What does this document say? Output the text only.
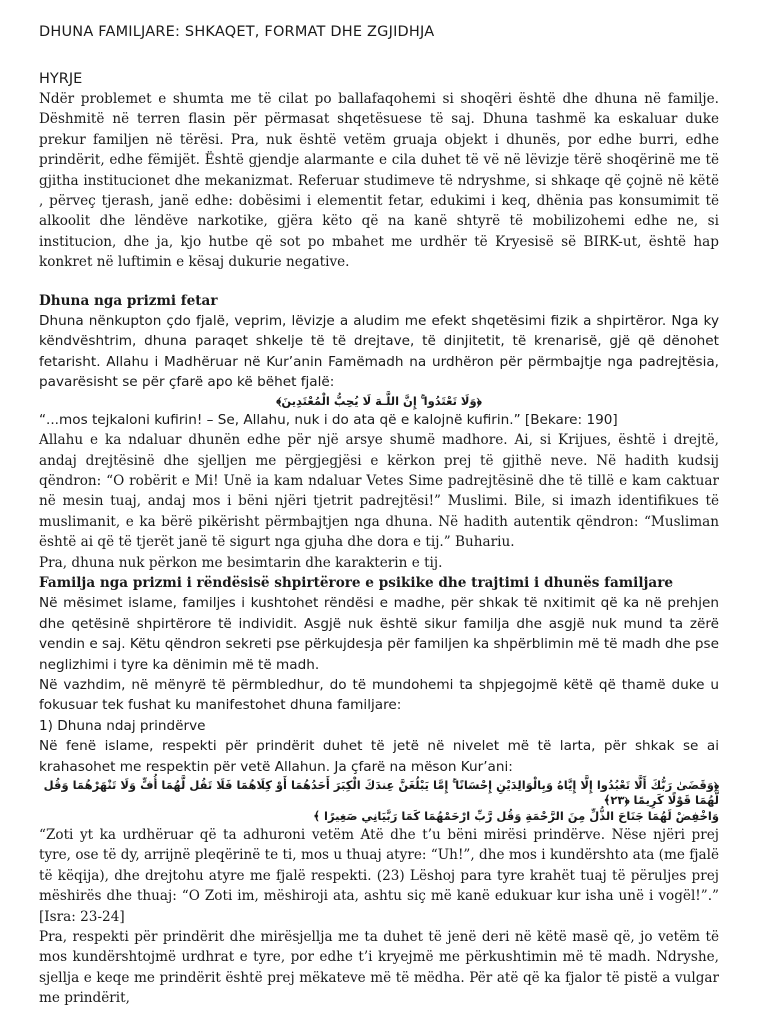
DHUNA FAMILJARE: SHKAQET, FORMAT DHE ZGJIDHJA
HYRJE

Ndër problemet e shumta me të cilat po ballafaqohemi si shoqëri është dhe dhuna në familje. Dëshmitë në terren flasin për përmasat shqetësuese të saj. Dhuna tashmë ka eskaluar duke prekur familjen në tërësi. Pra, nuk është vetëm gruaja objekt i dhunës, por edhe burri, edhe prindërit, edhe fëmijët. Është gjendje alarmante e cila duhet të vë në lëvizje tërë shoqërinë me të gjitha institucionet dhe mekanizmat. Referuar studimeve të ndryshme, si shkaqe që çojnë në këtë , përveç tjerash, janë edhe: dobësimi i elementit fetar, edukimi i keq, dhënia pas konsumimit të alkoolit dhe lëndëve narkotike, gjëra këto që na kanë shtyrë të mobilizohemi edhe ne, si institucion, dhe ja, kjo hutbe që sot po mbahet me urdhër të Kryesisë së BIRK-ut, është hap konkret në luftimin e kësaj dukurie negative.

Dhuna nga prizmi fetar

Dhuna nënkupton çdo fjalë, veprim, lëvizje a aludim me efekt shqetësimi fizik a shpirtëror. Nga ky këndvështrim, dhuna paraqet shkelje të të drejtave, të dinjitetit, të krenarisë, gjë që dënohet fetarisht. Allahu i Madhëruar në Kur’anin Famëmadh na urdhëron për përmbajtje nga padrejtësia, pavarësisht se për çfarë apo kë bëhet fjalë:

﴿وَلَا تَعْتَدُوا ۚ إِنَّ اللَّـهَ لَا يُحِبُّ الْمُعْتَدِينَ﴾

“...mos tejkaloni kufirin! – Se, Allahu, nuk i do ata që e kalojnë kufirin.” [Bekare: 190]

Allahu e ka ndaluar dhunën edhe për një arsye shumë madhore. Ai, si Krijues, është i drejtë, andaj drejtësinë dhe sjelljen me përgjegjësi e kërkon prej të gjithë neve. Në hadith kudsij qëndron: “O robërit e Mi! Unë ia kam ndaluar Vetes Sime padrejtësinë dhe të tillë e kam caktuar në mesin tuaj, andaj mos i bëni njëri tjetrit padrejtësi!” Muslimi. Bile, si imazh identifikues të muslimanit, e ka bërë pikërisht përmbajtjen nga dhuna. Në hadith autentik qëndron: “Musliman është ai që të tjerët janë të sigurt nga gjuha dhe dora e tij.” Buhariu.

Pra, dhuna nuk përkon me besimtarin dhe karakterin e tij.

Familja nga prizmi i rëndësisë shpirtërore e psikike dhe trajtimi i dhunës familjare

Në mësimet islame, familjes i kushtohet rëndësi e madhe, për shkak të nxitimit që ka në prehjen dhe qetësinë shpirtërore të individit. Asgjë nuk është sikur familja dhe asgjë nuk mund ta zërë vendin e saj. Këtu qëndron sekreti pse përkujdesja për familjen ka shpërblimin më të madh dhe pse neglizhimi i tyre ka dënimin më të madh.

Në vazhdim, në mënyrë të përmbledhur, do të mundohemi ta shpjegojmë këtë që thamë duke u fokusuar tek fushat ku manifestohet dhuna familjare:

1) Dhuna ndaj prindërve

Në fenë islame, respekti për prindërit duhet të jetë në nivelet më të larta, për shkak se ai krahasohet me respektin për vetë Allahun. Ja çfarë na mëson Kur’ani:

﴿وَقَضَىٰ رَبُّكَ أَلَّا تَعْبُدُوا إِلَّا إِيَّاهُ وَبِالْوَالِدَيْنِ إِحْسَانًا ۚ إِمَّا يَبْلُغَنَّ عِندَكَ الْكِبَرَ أَحَدُهُمَا أَوْ كِلَاهُمَا فَلَا تَقُل لَّهُمَا أُفٍّ وَلَا تَنْهَرْهُمَا وَقُل لَّهُمَا قَوْلًا كَرِيمًا ﴿٢٣﴾
وَاخْفِضْ لَهُمَا جَنَاحَ الذُّلِّ مِنَ الرَّحْمَةِ وَقُل رَّبِّ ارْحَمْهُمَا كَمَا رَبَّيَانِي صَغِيرًا ﴾

“Zoti yt ka urdhëruar që ta adhuroni vetëm Atë dhe t’u bëni mirësi prindërve. Nëse njëri prej tyre, ose të dy, arrijnë pleqërinë te ti, mos u thuaj atyre: “Uh!”, dhe mos i kundërshto ata (me fjalë të këqija), dhe drejtohu atyre me fjalë respekti. (23) Lëshoj para tyre krahët tuaj të përuljes prej mëshirës dhe thuaj: “O Zoti im, mëshiroji ata, ashtu siç më kanë edukuar kur isha unë i vogël!”.” [Isra: 23-24]

Pra, respekti për prindërit dhe mirësjellja me ta duhet të jenë deri në këtë masë që, jo vetëm të mos kundërshtojmë urdhrat e tyre, por edhe t’i kryejmë me përkushtimin më të madh. Ndryshe, sjellja e keqe me prindërit është prej mëkateve më të mëdha. Për atë që ka fjalor të pistë a vulgar me prindërit,
